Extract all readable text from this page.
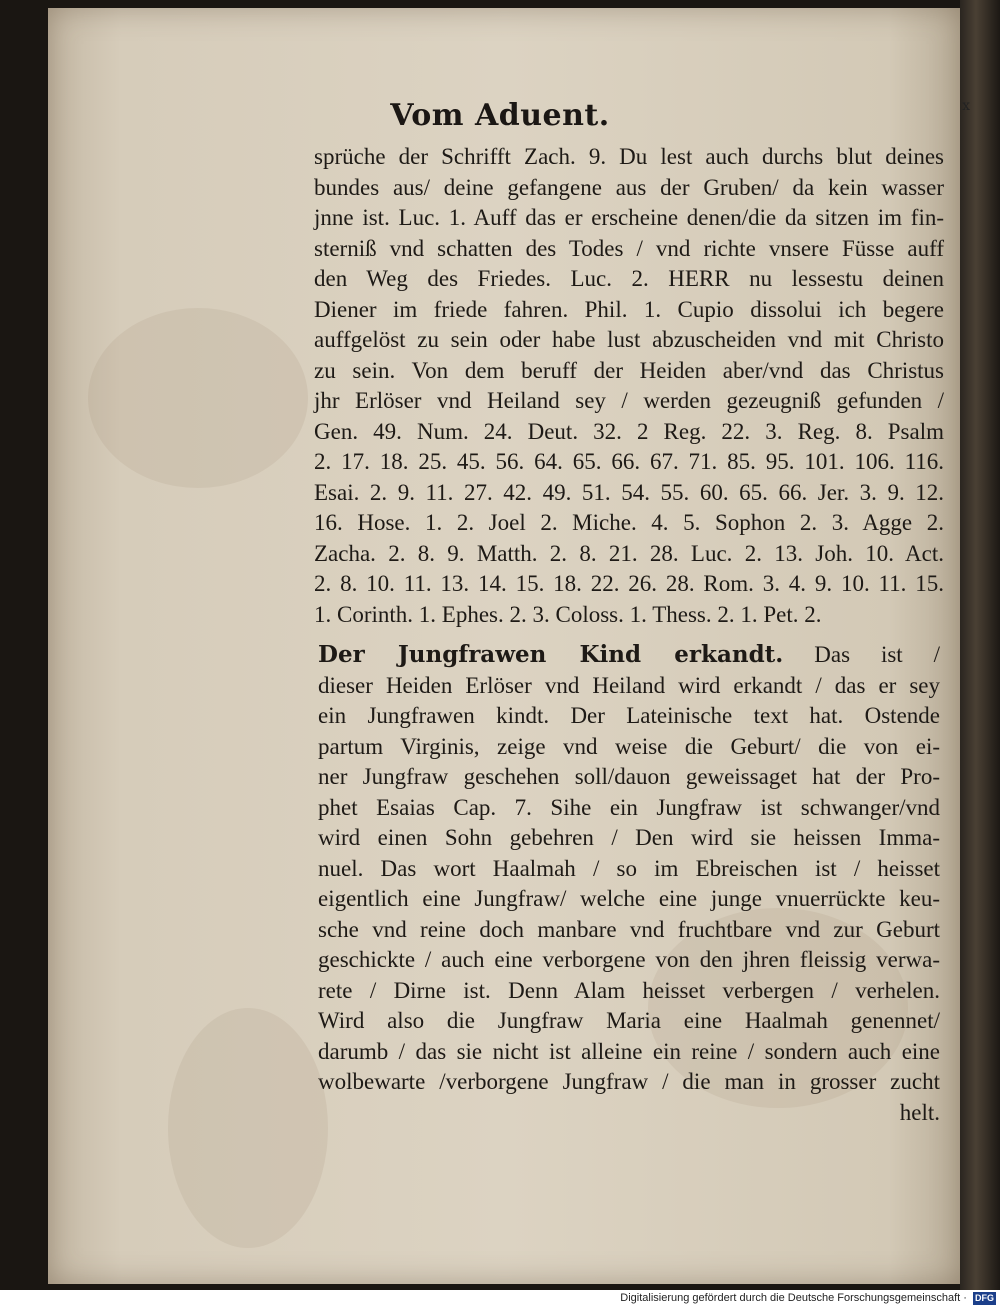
x
Vom Aduent.
sprüche der Schrifft Zach. 9. Du lest auch durchs blut deines
bundes aus/ deine gefangene aus der Gruben/ da kein wasser
jnne ist. Luc. 1. Auff das er erscheine denen/die da sitzen im fin-
sterniß vnd schatten des Todes / vnd richte vnsere Füsse auff
den Weg des Friedes. Luc. 2. HERR nu lessestu deinen
Diener im friede fahren. Phil. 1. Cupio dissolui ich begere
auffgelöst zu sein oder habe lust abzuscheiden vnd mit Christo
zu sein. Von dem beruff der Heiden aber/vnd das Christus
jhr Erlöser vnd Heiland sey / werden gezeugniß gefunden /
Gen. 49. Num. 24. Deut. 32. 2 Reg. 22. 3. Reg. 8. Psalm
2. 17. 18. 25. 45. 56. 64. 65. 66. 67. 71. 85. 95. 101. 106. 116.
Esai. 2. 9. 11. 27. 42. 49. 51. 54. 55. 60. 65. 66. Jer. 3. 9. 12.
16. Hose. 1. 2. Joel 2. Miche. 4. 5. Sophon 2. 3. Agge 2.
Zacha. 2. 8. 9. Matth. 2. 8. 21. 28. Luc. 2. 13. Joh. 10. Act.
2. 8. 10. 11. 13. 14. 15. 18. 22. 26. 28. Rom. 3. 4. 9. 10. 11. 15.
1. Corinth. 1. Ephes. 2. 3. Coloss. 1. Thess. 2. 1. Pet. 2.
Der Jungfrawen Kind erkandt. Das ist /
dieser Heiden Erlöser vnd Heiland wird erkandt / das er sey
ein Jungfrawen kindt. Der Lateinische text hat. Ostende
partum Virginis, zeige vnd weise die Geburt/ die von ei-
ner Jungfraw geschehen soll/dauon geweissaget hat der Pro-
phet Esaias Cap. 7. Sihe ein Jungfraw ist schwanger/vnd
wird einen Sohn gebehren / Den wird sie heissen Imma-
nuel. Das wort Haalmah / so im Ebreischen ist / heisset
eigentlich eine Jungfraw/ welche eine junge vnuerrückte keu-
sche vnd reine doch manbare vnd fruchtbare vnd zur Geburt
geschickte / auch eine verborgene von den jhren fleissig verwa-
rete / Dirne ist. Denn Alam heisset verbergen / verhelen.
Wird also die Jungfraw Maria eine Haalmah genennet/
darumb / das sie nicht ist alleine ein reine / sondern auch eine
wolbewarte /verborgene Jungfraw / die man in grosser zucht
helt.
Digitalisierung gefördert durch die Deutsche Forschungsgemeinschaft · DFG
